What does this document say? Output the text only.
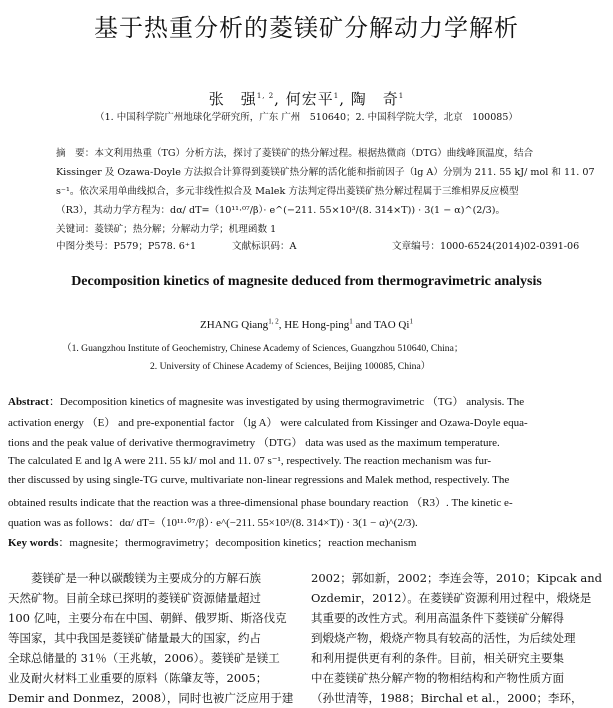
基于热重分析的菱镁矿分解动力学解析
张　强$^{1, 2}$, 何宏平$^1$, 陶　奇$^1$
（1. 中国科学院广州地球化学研究所，广东 广州　510640；2. 中国科学院大学，北京　100085）
摘　要：本文利用热重（TG）分析方法，探讨了菱镁矿的热分解过程。根据热微商（DTG）曲线峰顶温度，结合
Kissinger 及 Ozawa-Doyle 方法拟合计算得到菱镁矿热分解的活化能和指前因子（lg A）分别为 211. 55 kJ/ mol 和 11. 07
s⁻¹。依次采用单曲线拟合，多元非线性拟合及 Malek 方法判定得出菱镁矿热分解过程属于三维相界反应模型
（R3），其动力学方程为：dα/ dT=（10¹¹·⁰⁷/β）· e^(−211. 55×10³/(8. 314×T)) · 3(1 − α)^(2/3)。
关键词：菱镁矿；热分解；分解动力学；机理函数 1
中图分类号：P579；P578. 6⁺1	文献标识码：A	文章编号：1000-6524(2014)02-0391-06
Decomposition kinetics of magnesite deduced from thermogravimetric analysis
ZHANG Qiang$^{1, 2}$, HE Hong-ping$^1$ and TAO Qi$^1$
（1. Guangzhou Institute of Geochemistry, Chinese Academy of Sciences, Guangzhou 510640, China；
2. University of Chinese Academy of Sciences, Beijing 100085, China）
Abstract：Decomposition kinetics of magnesite was investigated by using thermogravimetric （TG） analysis. The
activation energy （E） and pre-exponential factor （lg A） were calculated from Kissinger and Ozawa-Doyle equa-
tions and the peak value of derivative thermogravimetry （DTG） data was used as the maximum temperature.
The calculated E and lg A were 211. 55 kJ/ mol and 11. 07 s⁻¹, respectively. The reaction mechanism was fur-
ther discussed by using single-TG curve, multivariate non-linear regressions and Malek method, respectively. The
obtained results indicate that the reaction was a three-dimensional phase boundary reaction （R3）. The kinetic e-
quation was as follows：dα/ dT=（10¹¹·⁰⁷/β）· e^(−211. 55×10³/(8. 314×T)) · 3(1 − α)^(2/3).
Key words：magnesite；thermogravimetry；decomposition kinetics；reaction mechanism
　　菱镁矿是一种以碳酸镁为主要成分的方解石族
天然矿物。目前全球已探明的菱镁矿资源储量超过
100 亿吨，主要分布在中国、朝鲜、俄罗斯、斯洛伐克
等国家，其中我国是菱镁矿储量最大的国家，约占
全球总储量的 31％（王兆敏，2006）。菱镁矿是镁工
业及耐火材料工业重要的原料（陈肇友等，2005；
Demir and Donmez，2008），同时也被广泛应用于建
2002；郭如新，2002；李连会等，2010；Kipcak and
Ozdemir，2012）。在菱镁矿资源利用过程中，煅烧是
其重要的改性方式。利用高温条件下菱镁矿分解得
到煅烧产物，煅烧产物具有较高的活性，为后续处理
和利用提供更有利的条件。目前，相关研究主要集
中在菱镁矿热分解产物的物相结构和产物性质方面
（孙世清等，1988；Birchal et al.，2000；李环，
